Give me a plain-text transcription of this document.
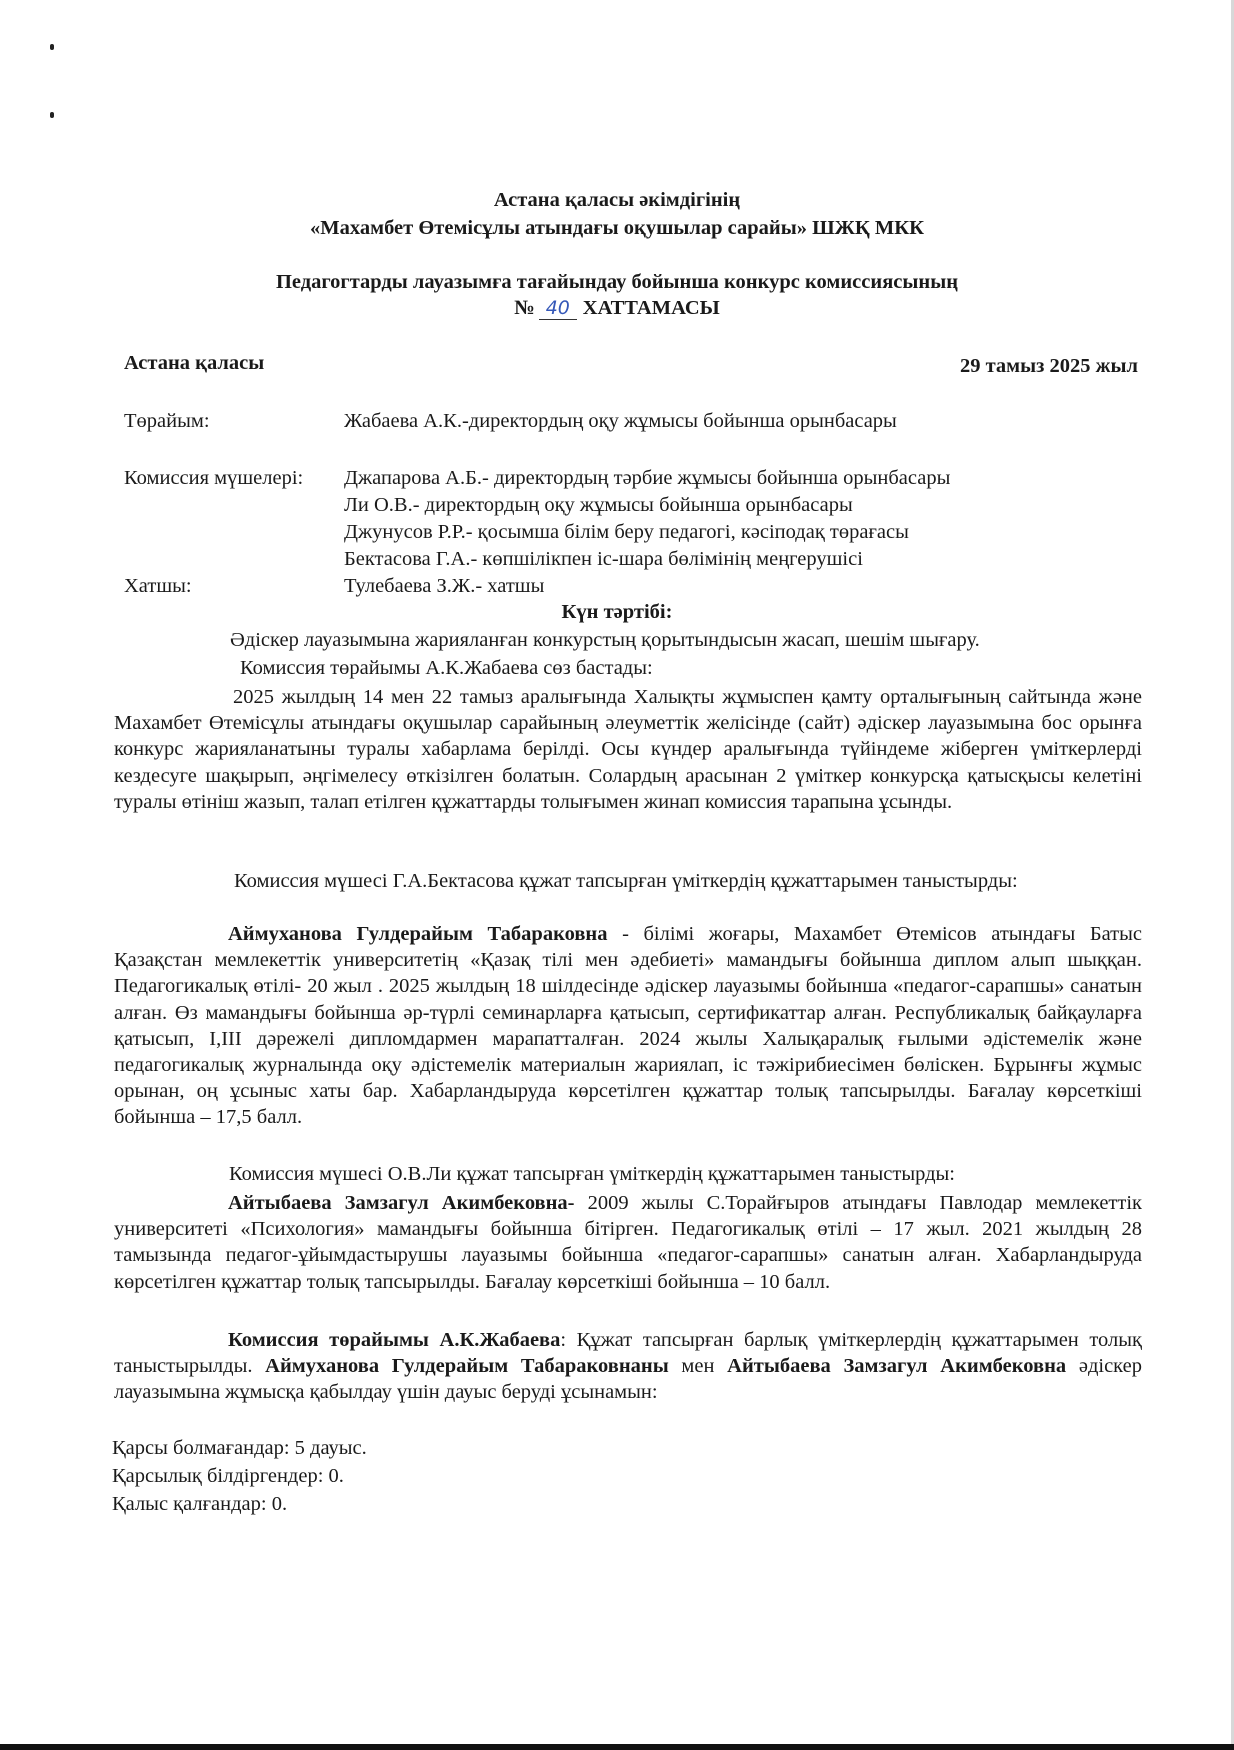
Астана қаласы әкімдігінің
«Махамбет Өтемісұлы атындағы оқушылар сарайы» ШЖҚ МКК
Педагогтарды лауазымға тағайындау бойынша конкурс комиссиясының
№ 40 ХАТТАМАСЫ
Астана қаласы	29 тамыз 2025 жыл
Төрайым:	Жабаева А.К.-директордың оқу жұмысы бойынша орынбасары
Комиссия мүшелері: Джапарова А.Б.- директордың тәрбие жұмысы бойынша орынбасары
Ли О.В.- директордың оқу жұмысы бойынша орынбасары
Джунусов Р.Р.- қосымша білім беру педагогі, кәсіподақ төрағасы
Бектасова Г.А.- көпшілікпен іс-шара бөлімінің меңгерушісі
Хатшы:	Тулебаева З.Ж.- хатшы
Күн тәртібі:
Әдіскер лауазымына жарияланған конкурстың қорытындысын жасап, шешім шығару.
Комиссия төрайымы А.К.Жабаева сөз бастады:
2025 жылдың 14 мен 22 тамыз аралығында Халықты жұмыспен қамту орталығының сайтында және Махамбет Өтемісұлы атындағы оқушылар сарайының әлеуметтік желісінде (сайт) әдіскер лауазымына бос орынға конкурс жарияланатыны туралы хабарлама берілді. Осы күндер аралығында түйіндеме жіберген үміткерлерді кездесуге шақырып, әңгімелесу өткізілген болатын. Солардың арасынан 2 үміткер конкурсқа қатысқысы келетіні туралы өтініш жазып, талап етілген құжаттарды толығымен жинап комиссия тарапына ұсынды.
Комиссия мүшесі Г.А.Бектасова құжат тапсырған үміткердің құжаттарымен таныстырды:
Аймуханова Гулдерайым Табараковна - білімі жоғары, Махамбет Өтемісов атындағы Батыс Қазақстан мемлекеттік университетің «Қазақ тілі мен әдебиеті» мамандығы бойынша диплом алып шыққан. Педагогикалық өтілі- 20 жыл . 2025 жылдың 18 шілдесінде әдіскер лауазымы бойынша «педагог-сарапшы» санатын алған. Өз мамандығы бойынша әр-түрлі семинарларға қатысып, сертификаттар алған. Республикалық байқауларға қатысып, I,III дәрежелі дипломдармен марапатталған. 2024 жылы Халықаралық ғылыми әдістемелік және педагогикалық журналында оқу әдістемелік материалын жариялап, іс тәжірибиесімен бөліскен. Бұрынғы жұмыс орынан, оң ұсыныс хаты бар. Хабарландыруда көрсетілген құжаттар толық тапсырылды. Бағалау көрсеткіші бойынша – 17,5 балл.
Комиссия мүшесі О.В.Ли құжат тапсырған үміткердің құжаттарымен таныстырды:
Айтыбаева Замзагул Акимбековна- 2009 жылы С.Торайғыров атындағы Павлодар мемлекеттік университеті «Психология» мамандығы бойынша бітірген. Педагогикалық өтілі – 17 жыл. 2021 жылдың 28 тамызында педагог-ұйымдастырушы лауазымы бойынша «педагог-сарапшы» санатын алған. Хабарландыруда көрсетілген құжаттар толық тапсырылды. Бағалау көрсеткіші бойынша – 10 балл.
Комиссия төрайымы А.К.Жабаева: Құжат тапсырған барлық үміткерлердің құжаттарымен толық таныстырылды. Аймуханова Гулдерайым Табараковнаны мен Айтыбаева Замзагул Акимбековна әдіскер лауазымына жұмысқа қабылдау үшін дауыс беруді ұсынамын:
Қарсы болмағандар: 5 дауыс.
Қарсылық білдіргендер: 0.
Қалыс қалғандар: 0.
